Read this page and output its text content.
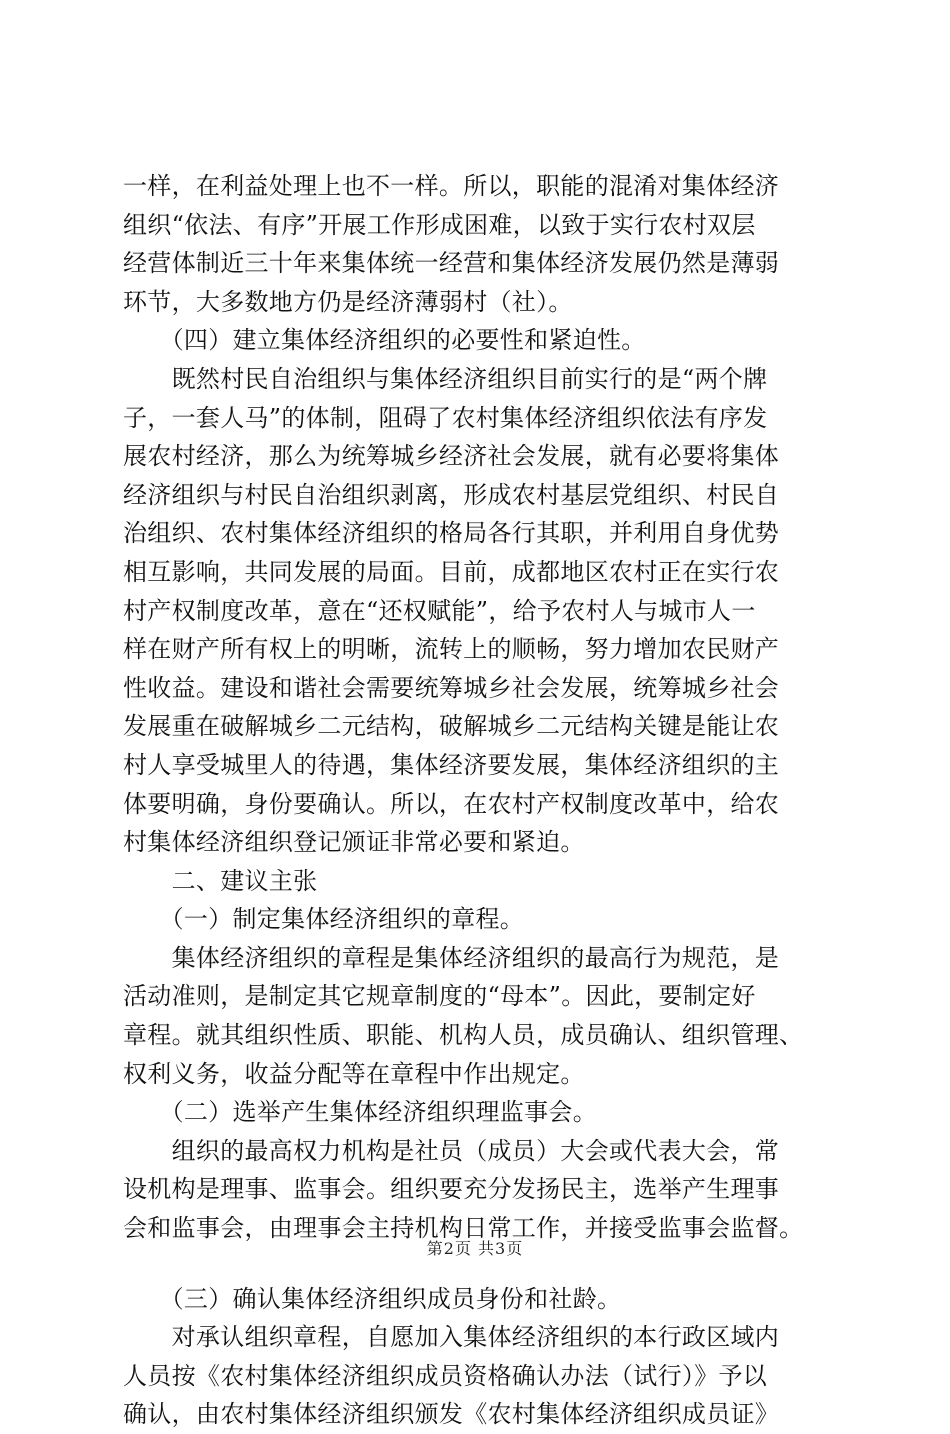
一样，在利益处理上也不一样。所以，职能的混淆对集体经济
组织“依法、有序”开展工作形成困难，以致于实行农村双层
经营体制近三十年来集体统一经营和集体经济发展仍然是薄弱
环节，大多数地方仍是经济薄弱村（社）。
　　（四）建立集体经济组织的必要性和紧迫性。
　　既然村民自治组织与集体经济组织目前实行的是“两个牌
子，一套人马”的体制，阻碍了农村集体经济组织依法有序发
展农村经济，那么为统筹城乡经济社会发展，就有必要将集体
经济组织与村民自治组织剥离，形成农村基层党组织、村民自
治组织、农村集体经济组织的格局各行其职，并利用自身优势
相互影响，共同发展的局面。目前，成都地区农村正在实行农
村产权制度改革，意在“还权赋能”，给予农村人与城市人一
样在财产所有权上的明晰，流转上的顺畅，努力增加农民财产
性收益。建设和谐社会需要统筹城乡社会发展，统筹城乡社会
发展重在破解城乡二元结构，破解城乡二元结构关键是能让农
村人享受城里人的待遇，集体经济要发展，集体经济组织的主
体要明确，身份要确认。所以，在农村产权制度改革中，给农
村集体经济组织登记颁证非常必要和紧迫。
　　二、建议主张
　　（一）制定集体经济组织的章程。
　　集体经济组织的章程是集体经济组织的最高行为规范，是
活动准则，是制定其它规章制度的“母本”。因此，要制定好
章程。就其组织性质、职能、机构人员，成员确认、组织管理、
权利义务，收益分配等在章程中作出规定。
　　（二）选举产生集体经济组织理监事会。
　　组织的最高权力机构是社员（成员）大会或代表大会，常
设机构是理事、监事会。组织要充分发扬民主，选举产生理事
会和监事会，由理事会主持机构日常工作，并接受监事会监督。
　　（三）确认集体经济组织成员身份和社龄。
　　对承认组织章程，自愿加入集体经济组织的本行政区域内
人员按《农村集体经济组织成员资格确认办法（试行）》予以
确认，由农村集体经济组织颁发《农村集体经济组织成员证》
第2页 共3页
